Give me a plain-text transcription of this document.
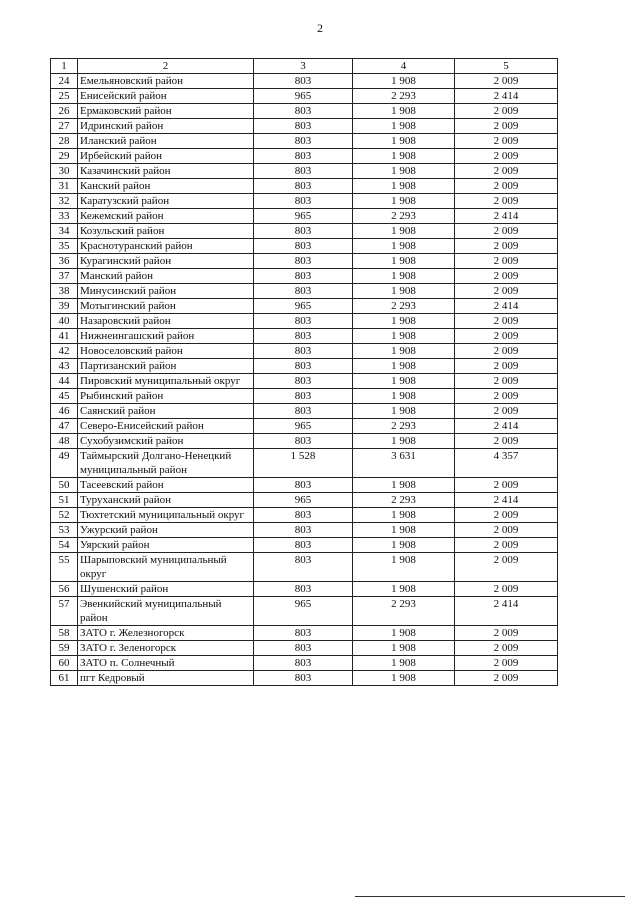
2
1	2	3	4	5
24	Емельяновский район	803	1 908	2 009
25	Енисейский район	965	2 293	2 414
26	Ермаковский район	803	1 908	2 009
27	Идринский район	803	1 908	2 009
28	Иланский район	803	1 908	2 009
29	Ирбейский район	803	1 908	2 009
30	Казачинский район	803	1 908	2 009
31	Канский район	803	1 908	2 009
32	Каратузский район	803	1 908	2 009
33	Кежемский район	965	2 293	2 414
34	Козульский район	803	1 908	2 009
35	Краснотуранский район	803	1 908	2 009
36	Курагинский район	803	1 908	2 009
37	Манский район	803	1 908	2 009
38	Минусинский район	803	1 908	2 009
39	Мотыгинский район	965	2 293	2 414
40	Назаровский район	803	1 908	2 009
41	Нижнеингашский район	803	1 908	2 009
42	Новоселовский район	803	1 908	2 009
43	Партизанский район	803	1 908	2 009
44	Пировский муниципальный округ	803	1 908	2 009
45	Рыбинский район	803	1 908	2 009
46	Саянский район	803	1 908	2 009
47	Северо-Енисейский район	965	2 293	2 414
48	Сухобузимский район	803	1 908	2 009
49	Таймырский Долгано-Ненецкий муниципальный район	1 528	3 631	4 357
50	Тасеевский район	803	1 908	2 009
51	Туруханский район	965	2 293	2 414
52	Тюхтетский муниципальный округ	803	1 908	2 009
53	Ужурский район	803	1 908	2 009
54	Уярский район	803	1 908	2 009
55	Шарыповский муниципальный округ	803	1 908	2 009
56	Шушенский район	803	1 908	2 009
57	Эвенкийский муниципальный район	965	2 293	2 414
58	ЗАТО г. Железногорск	803	1 908	2 009
59	ЗАТО г. Зеленогорск	803	1 908	2 009
60	ЗАТО п. Солнечный	803	1 908	2 009
61	пгт Кедровый	803	1 908	2 009
